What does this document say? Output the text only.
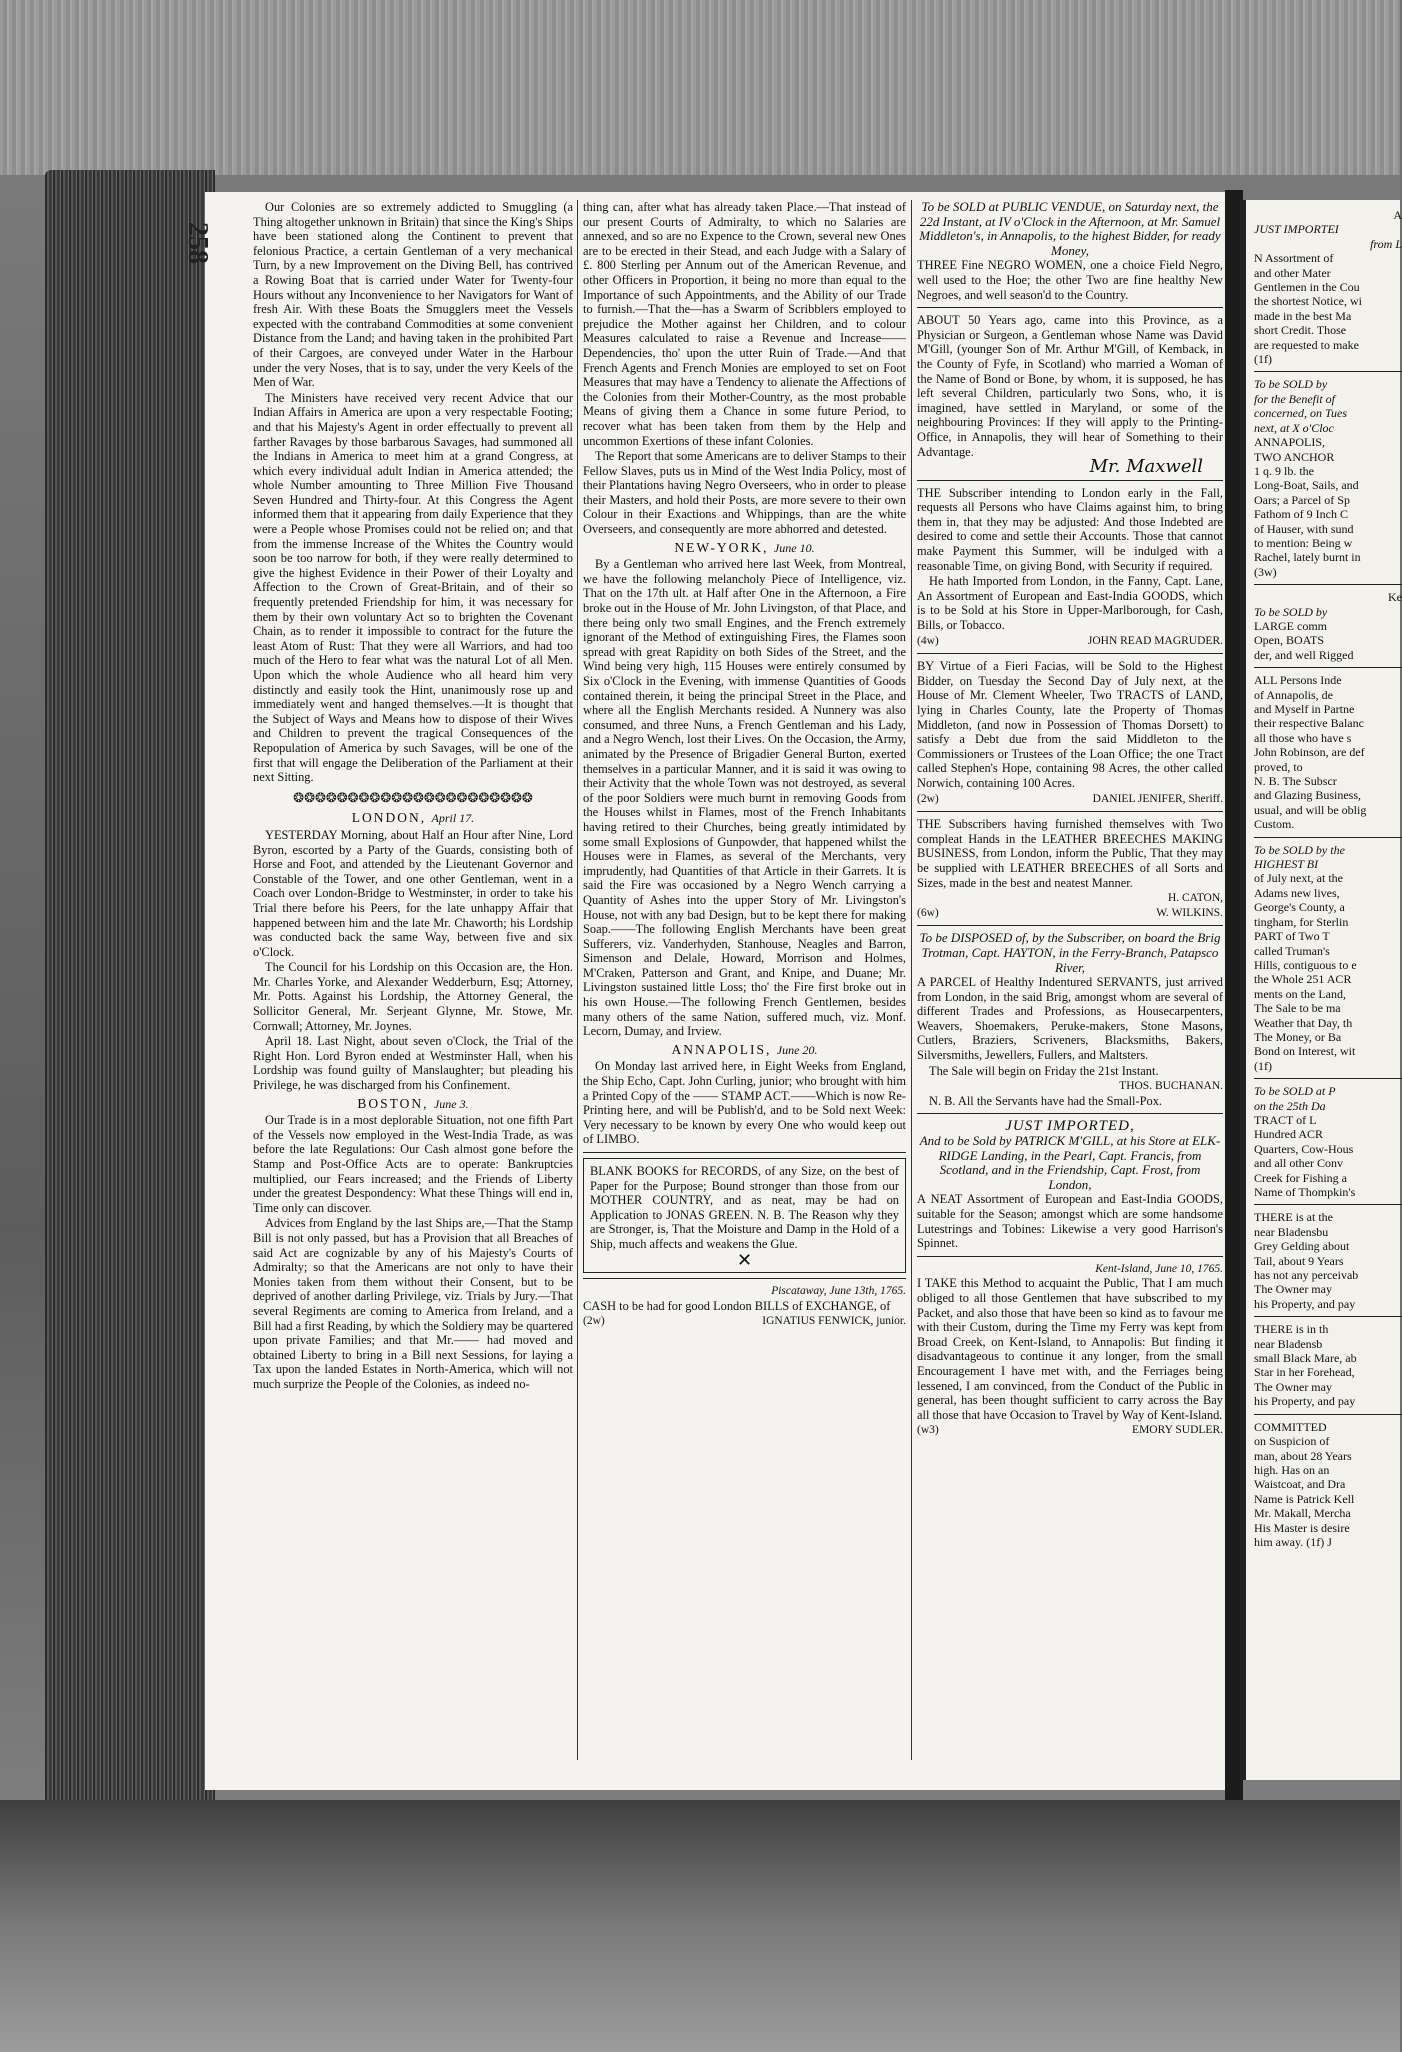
Our Colonies are so extremely addicted to Smuggling (a Thing altogether unknown in Britain) that since the King's Ships have been stationed along the Continent to prevent that felonious Practice, a certain Gentleman of a very mechanical Turn, by a new Improvement on the Diving Bell, has contrived a Rowing Boat that is carried under Water for Twenty-four Hours without any Inconvenience to her Navigators for Want of fresh Air. With these Boats the Smugglers meet the Vessels expected with the contraband Commodities at some convenient Distance from the Land; and having taken in the prohibited Part of their Cargoes, are conveyed under Water in the Harbour under the very Noses, that is to say, under the very Keels of the Men of War.

The Ministers have received very recent Advice that our Indian Affairs in America are upon a very respectable Footing; and that his Majesty's Agent in order effectually to prevent all farther Ravages by those barbarous Savages, had summoned all the Indians in America to meet him at a grand Congress, at which every individual adult Indian in America attended; the whole Number amounting to Three Million Five Thousand Seven Hundred and Thirty-four. At this Congress the Agent informed them that it appearing from daily Experience that they were a People whose Promises could not be relied on; and that from the immense Increase of the Whites the Country would soon be too narrow for both, if they were really determined to give the highest Evidence in their Power of their Loyalty and Affection to the Crown of Great-Britain, and of their so frequently pretended Friendship for him, it was necessary for them by their own voluntary Act so to brighten the Covenant Chain, as to render it impossible to contract for the future the least Atom of Rust: That they were all Warriors, and had too much of the Hero to fear what was the natural Lot of all Men. Upon which the whole Audience who all heard him very distinctly and easily took the Hint, unanimously rose up and immediately went and hanged themselves.—It is thought that the Subject of Ways and Means how to dispose of their Wives and Children to prevent the tragical Consequences of the Repopulation of America by such Savages, will be one of the first that will engage the Deliberation of the Parliament at their next Sitting.

❂❂❂❂❂❂❂❂❂❂❂❂❂❂❂❂❂❂❂❂❂❂
LONDON, April 17.

YESTERDAY Morning, about Half an Hour after Nine, Lord Byron, escorted by a Party of the Guards, consisting both of Horse and Foot, and attended by the Lieutenant Governor and Constable of the Tower, and one other Gentleman, went in a Coach over London-Bridge to Westminster, in order to take his Trial there before his Peers, for the late unhappy Affair that happened between him and the late Mr. Chaworth; his Lordship was conducted back the same Way, between five and six o'Clock.

The Council for his Lordship on this Occasion are, the Hon. Mr. Charles Yorke, and Alexander Wedderburn, Esq; Attorney, Mr. Potts. Against his Lordship, the Attorney General, the Sollicitor General, Mr. Serjeant Glynne, Mr. Stowe, Mr. Cornwall; Attorney, Mr. Joynes.

April 18. Last Night, about seven o'Clock, the Trial of the Right Hon. Lord Byron ended at Westminster Hall, when his Lordship was found guilty of Manslaughter; but pleading his Privilege, he was discharged from his Confinement.

BOSTON, June 3.

Our Trade is in a most deplorable Situation, not one fifth Part of the Vessels now employed in the West-India Trade, as was before the late Regulations: Our Cash almost gone before the Stamp and Post-Office Acts are to operate: Bankruptcies multiplied, our Fears increased; and the Friends of Liberty under the greatest Despondency: What these Things will end in, Time only can discover.

Advices from England by the last Ships are,—That the Stamp Bill is not only passed, but has a Provision that all Breaches of said Act are cognizable by any of his Majesty's Courts of Admiralty; so that the Americans are not only to have their Monies taken from them without their Consent, but to be deprived of another darling Privilege, viz. Trials by Jury.—That several Regiments are coming to America from Ireland, and a Bill had a first Reading, by which the Soldiery may be quartered upon private Families; and that Mr.—— had moved and obtained Liberty to bring in a Bill next Sessions, for laying a Tax upon the landed Estates in North-America, which will not much surprize the People of the Colonies, as indeed no-

thing can, after what has already taken Place.—That instead of our present Courts of Admiralty, to which no Salaries are annexed, and so are no Expence to the Crown, several new Ones are to be erected in their Stead, and each Judge with a Salary of £. 800 Sterling per Annum out of the American Revenue, and other Officers in Proportion, it being no more than equal to the Importance of such Appointments, and the Ability of our Trade to furnish.—That the—has a Swarm of Scribblers employed to prejudice the Mother against her Children, and to colour Measures calculated to raise a Revenue and Increase——Dependencies, tho' upon the utter Ruin of Trade.—And that French Agents and French Monies are employed to set on Foot Measures that may have a Tendency to alienate the Affections of the Colonies from their Mother-Country, as the most probable Means of giving them a Chance in some future Period, to recover what has been taken from them by the Help and uncommon Exertions of these infant Colonies.

The Report that some Americans are to deliver Stamps to their Fellow Slaves, puts us in Mind of the West India Policy, most of their Plantations having Negro Overseers, who in order to please their Masters, and hold their Posts, are more severe to their own Colour in their Exactions and Whippings, than are the white Overseers, and consequently are more abhorred and detested.

NEW-YORK, June 10.

By a Gentleman who arrived here last Week, from Montreal, we have the following melancholy Piece of Intelligence, viz. That on the 17th ult. at Half after One in the Afternoon, a Fire broke out in the House of Mr. John Livingston, of that Place, and there being only two small Engines, and the French extremely ignorant of the Method of extinguishing Fires, the Flames soon spread with great Rapidity on both Sides of the Street, and the Wind being very high, 115 Houses were entirely consumed by Six o'Clock in the Evening, with immense Quantities of Goods contained therein, it being the principal Street in the Place, and where all the English Merchants resided. A Nunnery was also consumed, and three Nuns, a French Gentleman and his Lady, and a Negro Wench, lost their Lives. On the Occasion, the Army, animated by the Presence of Brigadier General Burton, exerted themselves in a particular Manner, and it is said it was owing to their Activity that the whole Town was not destroyed, as several of the poor Soldiers were much burnt in removing Goods from the Houses whilst in Flames, most of the French Inhabitants having retired to their Churches, being greatly intimidated by some small Explosions of Gunpowder, that happened whilst the Houses were in Flames, as several of the Merchants, very imprudently, had Quantities of that Article in their Garrets. It is said the Fire was occasioned by a Negro Wench carrying a Quantity of Ashes into the upper Story of Mr. Livingston's House, not with any bad Design, but to be kept there for making Soap.——The following English Merchants have been great Sufferers, viz. Vanderhyden, Stanhouse, Neagles and Barron, Simenson and Delale, Howard, Morrison and Holmes, M'Craken, Patterson and Grant, and Knipe, and Duane; Mr. Livingston sustained little Loss; tho' the Fire first broke out in his own House.—The following French Gentlemen, besides many others of the same Nation, suffered much, viz. Monf. Lecorn, Dumay, and Irview.

ANNAPOLIS, June 20.

On Monday last arrived here, in Eight Weeks from England, the Ship Echo, Capt. John Curling, junior; who brought with him a Printed Copy of the —— STAMP ACT.——Which is now Re-Printing here, and will be Publish'd, and to be Sold next Week: Very necessary to be known by every One who would keep out of LIMBO.

BLANK BOOKS for RECORDS, of any Size, on the best of Paper for the Purpose; Bound stronger than those from our MOTHER COUNTRY, and as neat, may be had on Application to JONAS GREEN. N. B. The Reason why they are Stronger, is, That the Moisture and Damp in the Hold of a Ship, much affects and weakens the Glue.

✕
Piscataway, June 13th, 1765.

CASH to be had for good London BILLS of EXCHANGE, of

(2w)	IGNATIUS FENWICK, junior.
To be SOLD at PUBLIC VENDUE, on Saturday next, the 22d Instant, at IV o'Clock in the Afternoon, at Mr. Samuel Middleton's, in Annapolis, to the highest Bidder, for ready Money,

THREE Fine NEGRO WOMEN, one a choice Field Negro, well used to the Hoe; the other Two are fine healthy New Negroes, and well season'd to the Country.

ABOUT 50 Years ago, came into this Province, as a Physician or Surgeon, a Gentleman whose Name was David M'Gill, (younger Son of Mr. Arthur M'Gill, of Kemback, in the County of Fyfe, in Scotland) who married a Woman of the Name of Bond or Bone, by whom, it is supposed, he has left several Children, particularly two Sons, who, it is imagined, have settled in Maryland, or some of the neighbouring Provinces: If they will apply to the Printing-Office, in Annapolis, they will hear of Something to their Advantage.

Mr. Maxwell

THE Subscriber intending to London early in the Fall, requests all Persons who have Claims against him, to bring them in, that they may be adjusted: And those Indebted are desired to come and settle their Accounts. Those that cannot make Payment this Summer, will be indulged with a reasonable Time, on giving Bond, with Security if required.

He hath Imported from London, in the Fanny, Capt. Lane, An Assortment of European and East-India GOODS, which is to be Sold at his Store in Upper-Marlborough, for Cash, Bills, or Tobacco.

(4w)	JOHN READ MAGRUDER.

BY Virtue of a Fieri Facias, will be Sold to the Highest Bidder, on Tuesday the Second Day of July next, at the House of Mr. Clement Wheeler, Two TRACTS of LAND, lying in Charles County, late the Property of Thomas Middleton, (and now in Possession of Thomas Dorsett) to satisfy a Debt due from the said Middleton to the Commissioners or Trustees of the Loan Office; the one Tract called Stephen's Hope, containing 98 Acres, the other called Norwich, containing 100 Acres.

(2w)	DANIEL JENIFER, Sheriff.

THE Subscribers having furnished themselves with Two compleat Hands in the LEATHER BREECHES MAKING BUSINESS, from London, inform the Public, That they may be supplied with LEATHER BREECHES of all Sorts and Sizes, made in the best and neatest Manner.

H. CATON,
(6w)	W. WILKINS.
To be DISPOSED of, by the Subscriber, on board the Brig Trotman, Capt. HAYTON, in the Ferry-Branch, Patapsco River,

A PARCEL of Healthy Indentured SERVANTS, just arrived from London, in the said Brig, amongst whom are several of different Trades and Professions, as Housecarpenters, Weavers, Shoemakers, Peruke-makers, Stone Masons, Cutlers, Braziers, Scriveners, Blacksmiths, Bakers, Silversmiths, Jewellers, Fullers, and Maltsters.

The Sale will begin on Friday the 21st Instant.

THOS. BUCHANAN.

N. B. All the Servants have had the Small-Pox.

JUST IMPORTED,
And to be Sold by PATRICK M'GILL, at his Store at ELK-RIDGE Landing, in the Pearl, Capt. Francis, from Scotland, and in the Friendship, Capt. Frost, from London,

A NEAT Assortment of European and East-India GOODS, suitable for the Season; amongst which are some handsome Lutestrings and Tobines: Likewise a very good Harrison's Spinnet.

Kent-Island, June 10, 1765.

I TAKE this Method to acquaint the Public, That I am much obliged to all those Gentlemen that have subscribed to my Packet, and also those that have been so kind as to favour me with their Custom, during the Time my Ferry was kept from Broad Creek, on Kent-Island, to Annapolis: But finding it disadvantageous to continue it any longer, from the small Encouragement I have met with, and the Ferriages being lessened, I am convinced, from the Conduct of the Public in general, has been thought sufficient to carry across the Bay all those that have Occasion to Travel by Way of Kent-Island.

(w3)	EMORY SUDLER.
258
A
JUST IMPORTEI
from L
N Assortment of
and other Mater
Gentlemen in the Cou
the shortest Notice, wi
made in the best Ma
short Credit. Those
are requested to make
(1f)
To be SOLD by
for the Benefit of
concerned, on Tues
next, at X o'Cloc
ANNAPOLIS,
TWO ANCHOR
1 q. 9 lb. the
Long-Boat, Sails, and
Oars; a Parcel of Sp
Fathom of 9 Inch C
of Hauser, with sund
to mention: Being w
Rachel, lately burnt in
(3w)
Ke
To be SOLD by
LARGE comm
Open, BOATS
der, and well Rigged
ALL Persons Inde
of Annapolis, de
and Myself in Partne
their respective Balanc
all those who have s
John Robinson, are def
proved, to
N. B. The Subscr
and Glazing Business,
usual, and will be oblig
Custom.
To be SOLD by the
HIGHEST BI
of July next, at the
Adams new lives,
George's County, a
tingham, for Sterlin
PART of Two T
called Truman's
Hills, contiguous to e
the Whole 251 ACR
ments on the Land,
The Sale to be ma
Weather that Day, th
The Money, or Ba
Bond on Interest, wit
(1f)
To be SOLD at P
on the 25th Da
TRACT of L
Hundred ACR
Quarters, Cow-Hous
and all other Conv
Creek for Fishing a
Name of Thompkin's
THERE is at the
near Bladensbu
Grey Gelding about
Tail, about 9 Years
has not any perceivab
The Owner may
his Property, and pay
THERE is in th
near Bladensb
small Black Mare, ab
Star in her Forehead,
The Owner may
his Property, and pay
COMMITTED
on Suspicion of
man, about 28 Years
high. Has on an
Waistcoat, and Dra
Name is Patrick Kell
Mr. Makall, Mercha
His Master is desire
him away. (1f) J
